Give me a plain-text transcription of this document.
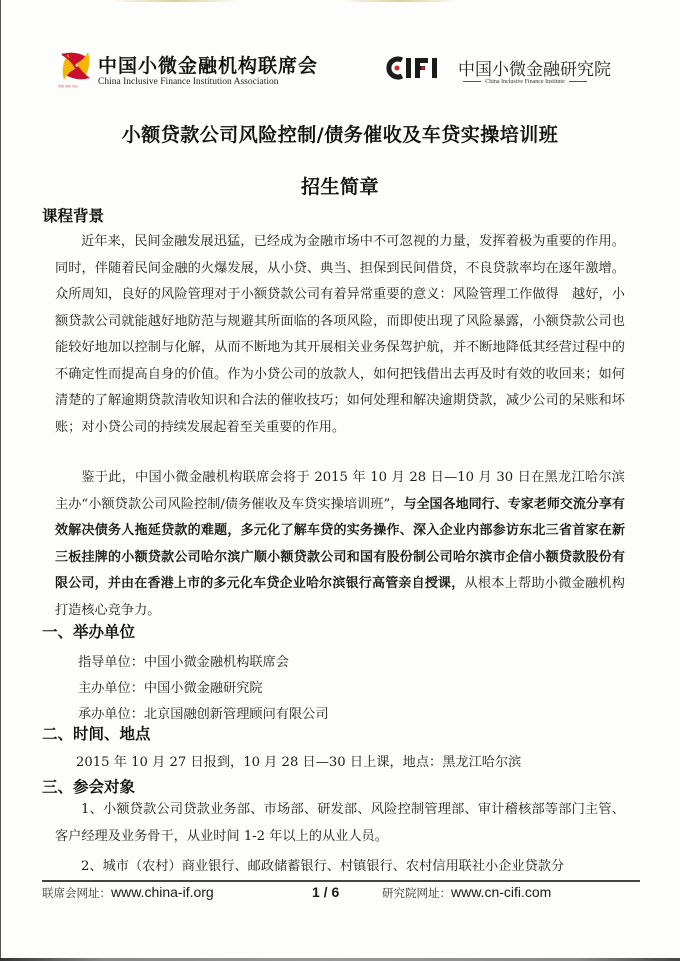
普惠·创新·责任
中国小微金融机构联席会
China Inclusive Finance Institution Association
中国小微金融研究院
China Inclusive Finance Institute
小额贷款公司风险控制/债务催收及车贷实操培训班
招生简章
课程背景
近年来，民间金融发展迅猛，已经成为金融市场中不可忽视的力量，发挥着极为重要的作用。同时，伴随着民间金融的火爆发展，从小贷、典当、担保到民间借贷，不良贷款率均在逐年激增。众所周知，良好的风险管理对于小额贷款公司有着异常重要的意义：风险管理工作做得　越好，小额贷款公司就能越好地防范与规避其所面临的各项风险，而即使出现了风险暴露，小额贷款公司也能较好地加以控制与化解，从而不断地为其开展相关业务保驾护航，并不断地降低其经营过程中的不确定性而提高自身的价值。作为小贷公司的放款人，如何把钱借出去再及时有效的收回来；如何清楚的了解逾期贷款清收知识和合法的催收技巧；如何处理和解决逾期贷款，减少公司的呆账和坏账；对小贷公司的持续发展起着至关重要的作用。
鉴于此，中国小微金融机构联席会将于 2015 年 10 月 28 日—10 月 30 日在黑龙江哈尔滨主办“小额贷款公司风险控制/债务催收及车贷实操培训班”，与全国各地同行、专家老师交流分享有效解决债务人拖延贷款的难题，多元化了解车贷的实务操作、深入企业内部参访东北三省首家在新三板挂牌的小额贷款公司哈尔滨广顺小额贷款公司和国有股份制公司哈尔滨市企信小额贷款股份有限公司，并由在香港上市的多元化车贷企业哈尔滨银行高管亲自授课，从根本上帮助小微金融机构打造核心竞争力。
一、举办单位
指导单位：中国小微金融机构联席会
主办单位：中国小微金融研究院
承办单位：北京国融创新管理顾问有限公司
二、时间、地点
2015 年 10 月 27 日报到，10 月 28 日—30 日上课，地点：黑龙江哈尔滨
三、参会对象
1、小额贷款公司贷款业务部、市场部、研发部、风险控制管理部、审计稽核部等部门主管、客户经理及业务骨干，从业时间 1-2 年以上的从业人员。
2、城市（农村）商业银行、邮政储蓄银行、村镇银行、农村信用联社小企业贷款分
联席会网址：www.china-if.org	1 / 6	研究院网址：www.cn-cifi.com
